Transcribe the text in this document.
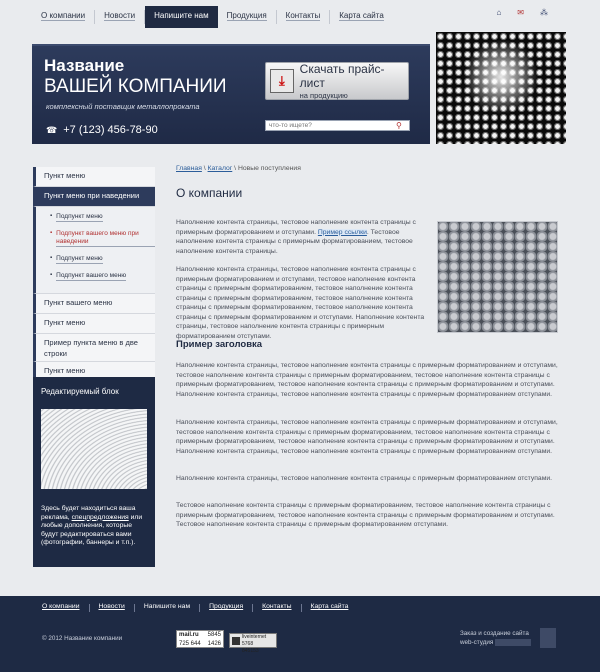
О компании	Новости	Напишите нам	Продукция	Контакты	Карта сайта	⌂ ✉ ⁂
Название
ВАШЕЙ КОМПАНИИ
комплексный поставщик металлопроката
☎ +7 (123) 456-78-90
⤓
Скачать прайс-лист
на продукцию
что-то ищете?
⚲
Пункт меню
Пункт меню при наведении
▪ Подпункт меню
▪ Подпункт вашего меню при наведении
▪ Подпункт меню
▪ Подпункт вашего меню
Пункт вашего меню
Пункт меню
Пример пункта меню в две строки
Пункт меню
Редактируемый блок

Здесь будет находиться ваша реклама, спецпредложения или любые дополнения, которые будут редактироваться вами (фотографии, баннеры и т.п.).

Главная \ Каталог \ Новые поступления
О компании
Наполнение контента страницы, тестовое наполнение контента страницы с примерным форматированием и отступами. Пример ссылки. Тестовое наполнение контента страницы с примерным форматированием, тестовое наполнение контента страницы.
Наполнение контента страницы, тестовое наполнение контента страницы с примерным форматированием и отступами, тестовое наполнение контента страницы с примерным форматированием, тестовое наполнение контента страницы с примерным форматированием, тестовое наполнение контента страницы с примерным форматированием, тестовое наполнение контента страницы с примерным форматированием и отступами. Наполнение контента страницы, тестовое наполнение контента страницы с примерным форматированием отступами.
Пример заголовка
Наполнение контента страницы, тестовое наполнение контента страницы с примерным форматированием и отступами, тестовое наполнение контента страницы с примерным форматированием, тестовое наполнение контента страницы с примерным форматированием, тестовое наполнение контента страницы с примерным форматированием и отступами. Наполнение контента страницы, тестовое наполнение контента страницы с примерным форматированием отступами.
Наполнение контента страницы, тестовое наполнение контента страницы с примерным форматированием и отступами, тестовое наполнение контента страницы с примерным форматированием, тестовое наполнение контента страницы с примерным форматированием, тестовое наполнение контента страницы с примерным форматированием и отступами. Наполнение контента страницы, тестовое наполнение контента страницы с примерным форматированием отступами.
Наполнение контента страницы, тестовое наполнение контента страницы с примерным форматированием отступами.
Тестовое наполнение контента страницы с примерным форматированием, тестовое наполнение контента страницы с примерным форматированием, тестовое наполнение контента страницы с примерным форматированием и отступами. Тестовое наполнение контента страницы с примерным форматированием отступами.
О компании	Новости	Напишите нам	Продукция	Контакты	Карта сайта
© 2012 Название компании	mail.ru
725 644
5845
1426
liveinternet
5768
845153
Заказ и создание сайта
web-студия
